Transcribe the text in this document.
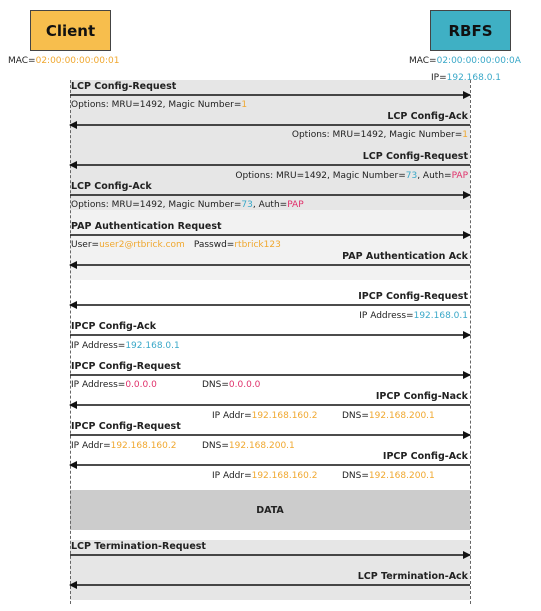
Client	RBFS
MAC=02:00:00:00:00:01	MAC=02:00:00:00:00:0A
IP=192.168.0.1
LCP Config-Request
Options: MRU=1492, Magic Number=1
LCP Config-Ack
Options: MRU=1492, Magic Number=1
LCP Config-Request
Options: MRU=1492, Magic Number=73, Auth=PAP
LCP Config-Ack
Options: MRU=1492, Magic Number=73, Auth=PAP
PAP Authentication Request
User=user2@rtbrick.com Passwd=rtbrick123
PAP Authentication Ack
IPCP Config-Request
IP Address=192.168.0.1
IPCP Config-Ack
IP Address=192.168.0.1
IPCP Config-Request
IP Address=0.0.0.0	DNS=0.0.0.0
IPCP Config-Nack
IP Addr=192.168.160.2	DNS=192.168.200.1
IPCP Config-Request
IP Addr=192.168.160.2	DNS=192.168.200.1
IPCP Config-Ack
IP Addr=192.168.160.2	DNS=192.168.200.1
DATA
LCP Termination-Request
LCP Termination-Ack
